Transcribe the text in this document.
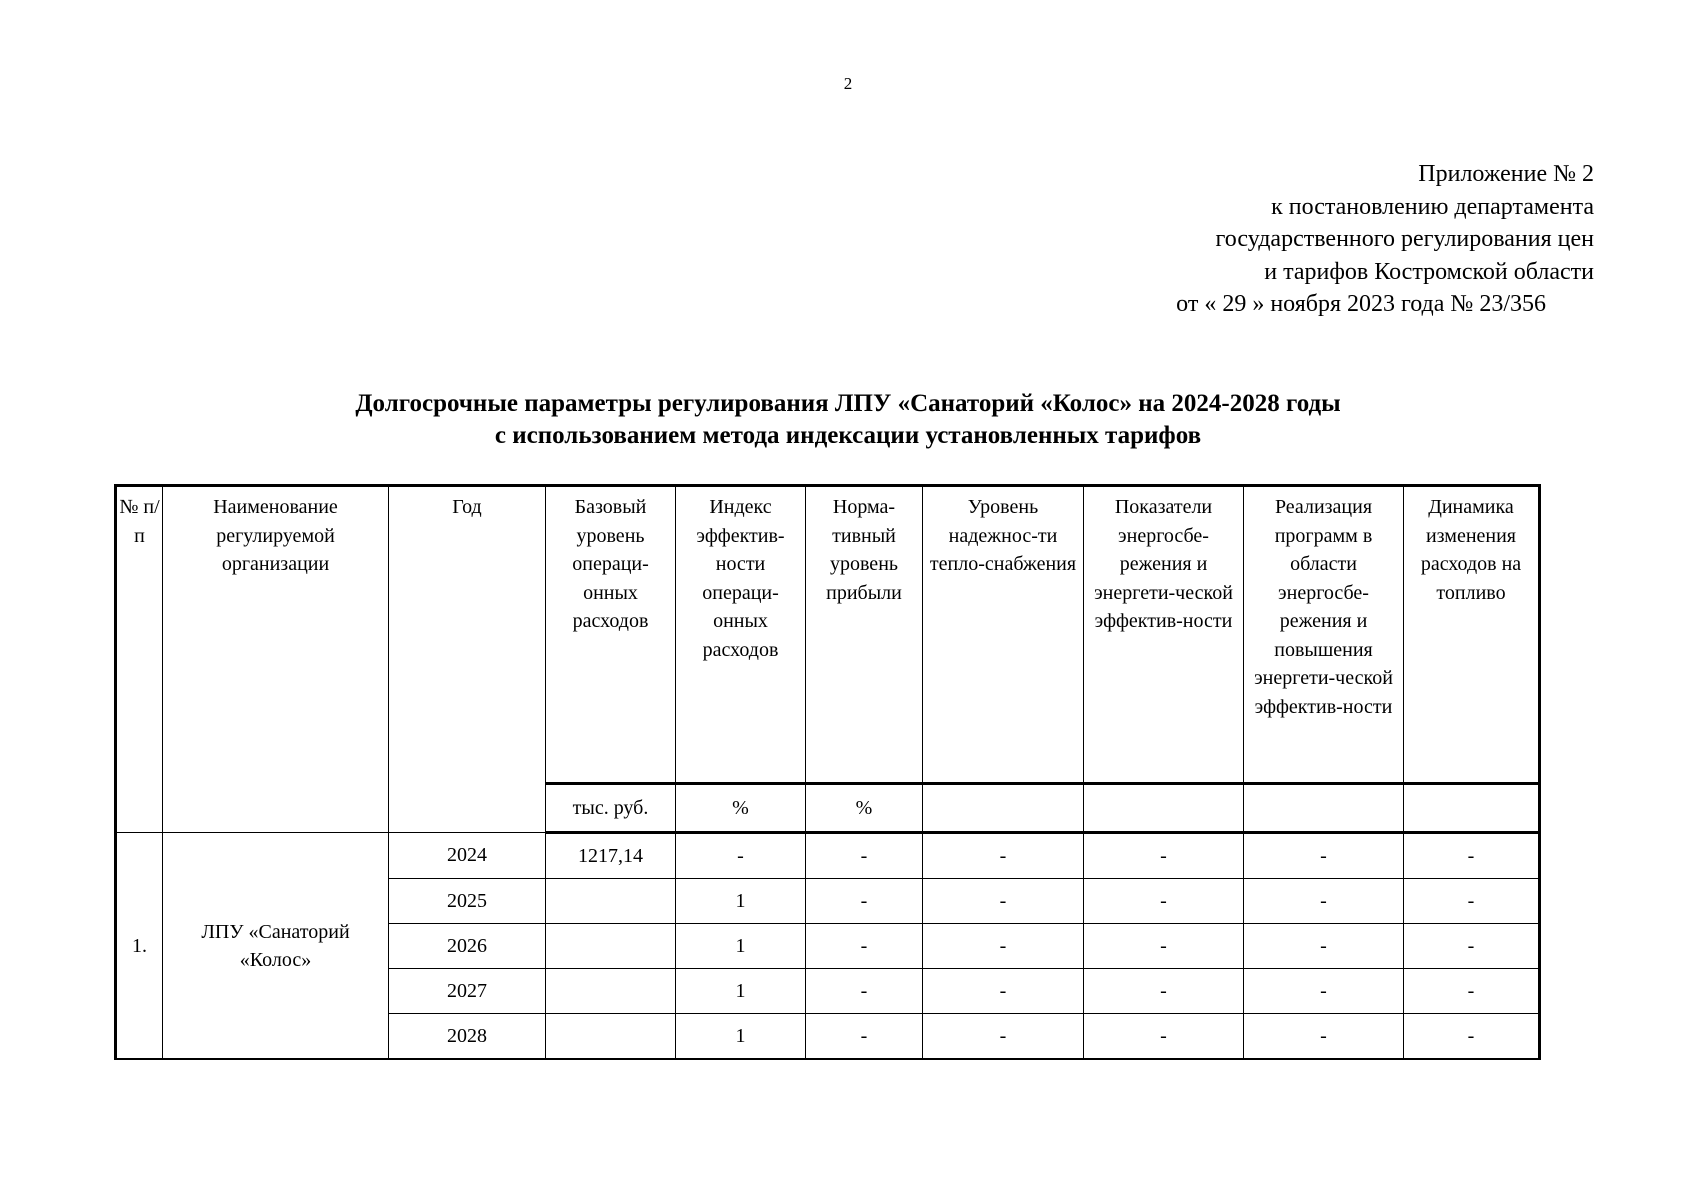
2
Приложение № 2
к постановлению департамента
государственного регулирования цен
и тарифов Костромской области
от « 29 » ноября 2023 года № 23/356
Долгосрочные параметры регулирования ЛПУ «Санаторий «Колос» на 2024-2028 годы
с использованием метода индексации установленных тарифов
№ п/п	Наименование регулируемой организации	Год	Базовый уровень операци-онных расходов	Индекс эффектив-ности операци-онных расходов	Норма-тивный уровень прибыли	Уровень надежнос-ти тепло-снабжения	Показатели энергосбе-режения и энергети-ческой эффектив-ности	Реализация программ в области энергосбе-режения и повышения энергети-ческой эффектив-ности	Динамика изменения расходов на топливо
			тыс. руб.	%	%				
1.	ЛПУ «Санаторий «Колос»	2024	1217,14	-	-	-	-	-	-
		2025		1	-	-	-	-	-
		2026		1	-	-	-	-	-
		2027		1	-	-	-	-	-
		2028		1	-	-	-	-	-
